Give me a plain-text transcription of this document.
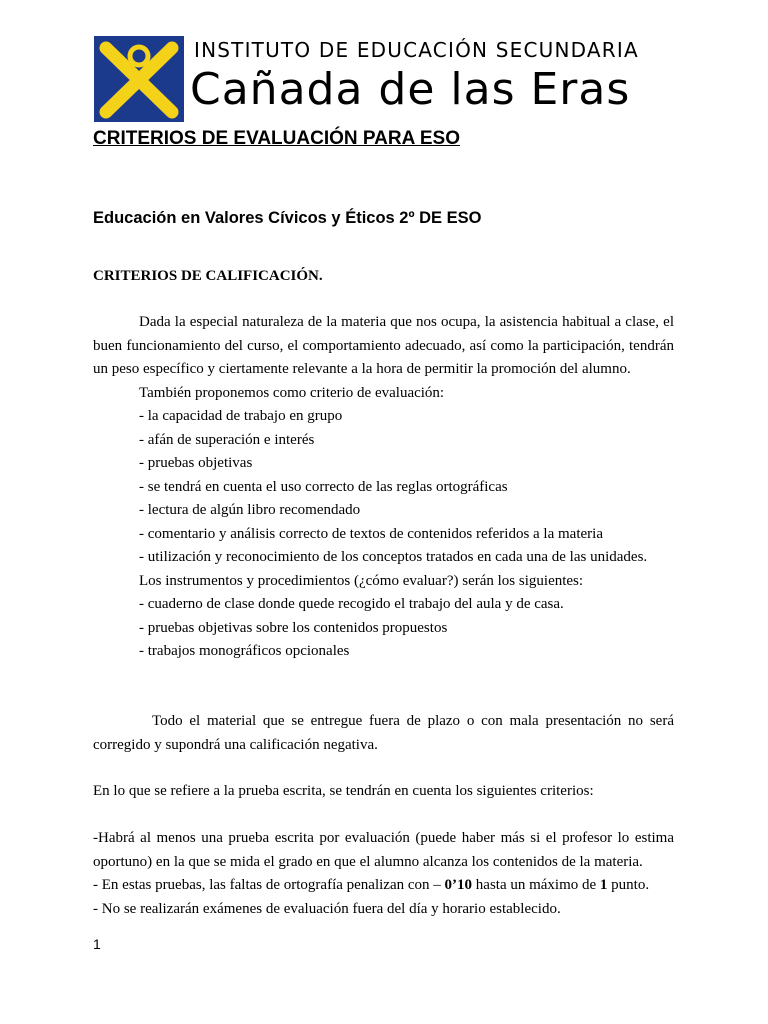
INSTITUTO DE EDUCACIÓN SECUNDARIA
Cañada de las Eras
CRITERIOS DE EVALUACIÓN PARA ESO
Educación en Valores Cívicos y Éticos 2º DE ESO
CRITERIOS DE CALIFICACIÓN.
Dada la especial naturaleza de la materia que nos ocupa, la asistencia habitual a clase, el buen funcionamiento del curso, el comportamiento adecuado, así como la participación, tendrán un peso específico y ciertamente relevante a la hora de permitir la promoción del alumno.
También proponemos como criterio de evaluación:
- la capacidad de trabajo en grupo
- afán de superación e interés
- pruebas objetivas
- se tendrá en cuenta el uso correcto de las reglas ortográficas
- lectura de algún libro recomendado
- comentario y análisis correcto de textos de contenidos referidos a la materia
- utilización y reconocimiento de los conceptos tratados en cada una de las unidades.
Los instrumentos y procedimientos (¿cómo evaluar?) serán los siguientes:
- cuaderno de clase donde quede recogido el trabajo del aula y de casa.
- pruebas objetivas sobre los contenidos propuestos
- trabajos monográficos opcionales
Todo el material que se entregue fuera de plazo o con mala presentación no será corregido y supondrá una calificación negativa.
En lo que se refiere a la prueba escrita, se tendrán en cuenta los siguientes criterios:
-Habrá al menos una prueba escrita por evaluación (puede haber más si el profesor lo estima oportuno) en la que se mida el grado en que el alumno alcanza los contenidos de la materia.
- En estas pruebas, las faltas de ortografía penalizan con – 0’10 hasta un máximo de 1 punto.
- No se realizarán exámenes de evaluación fuera del día y horario establecido.
1
